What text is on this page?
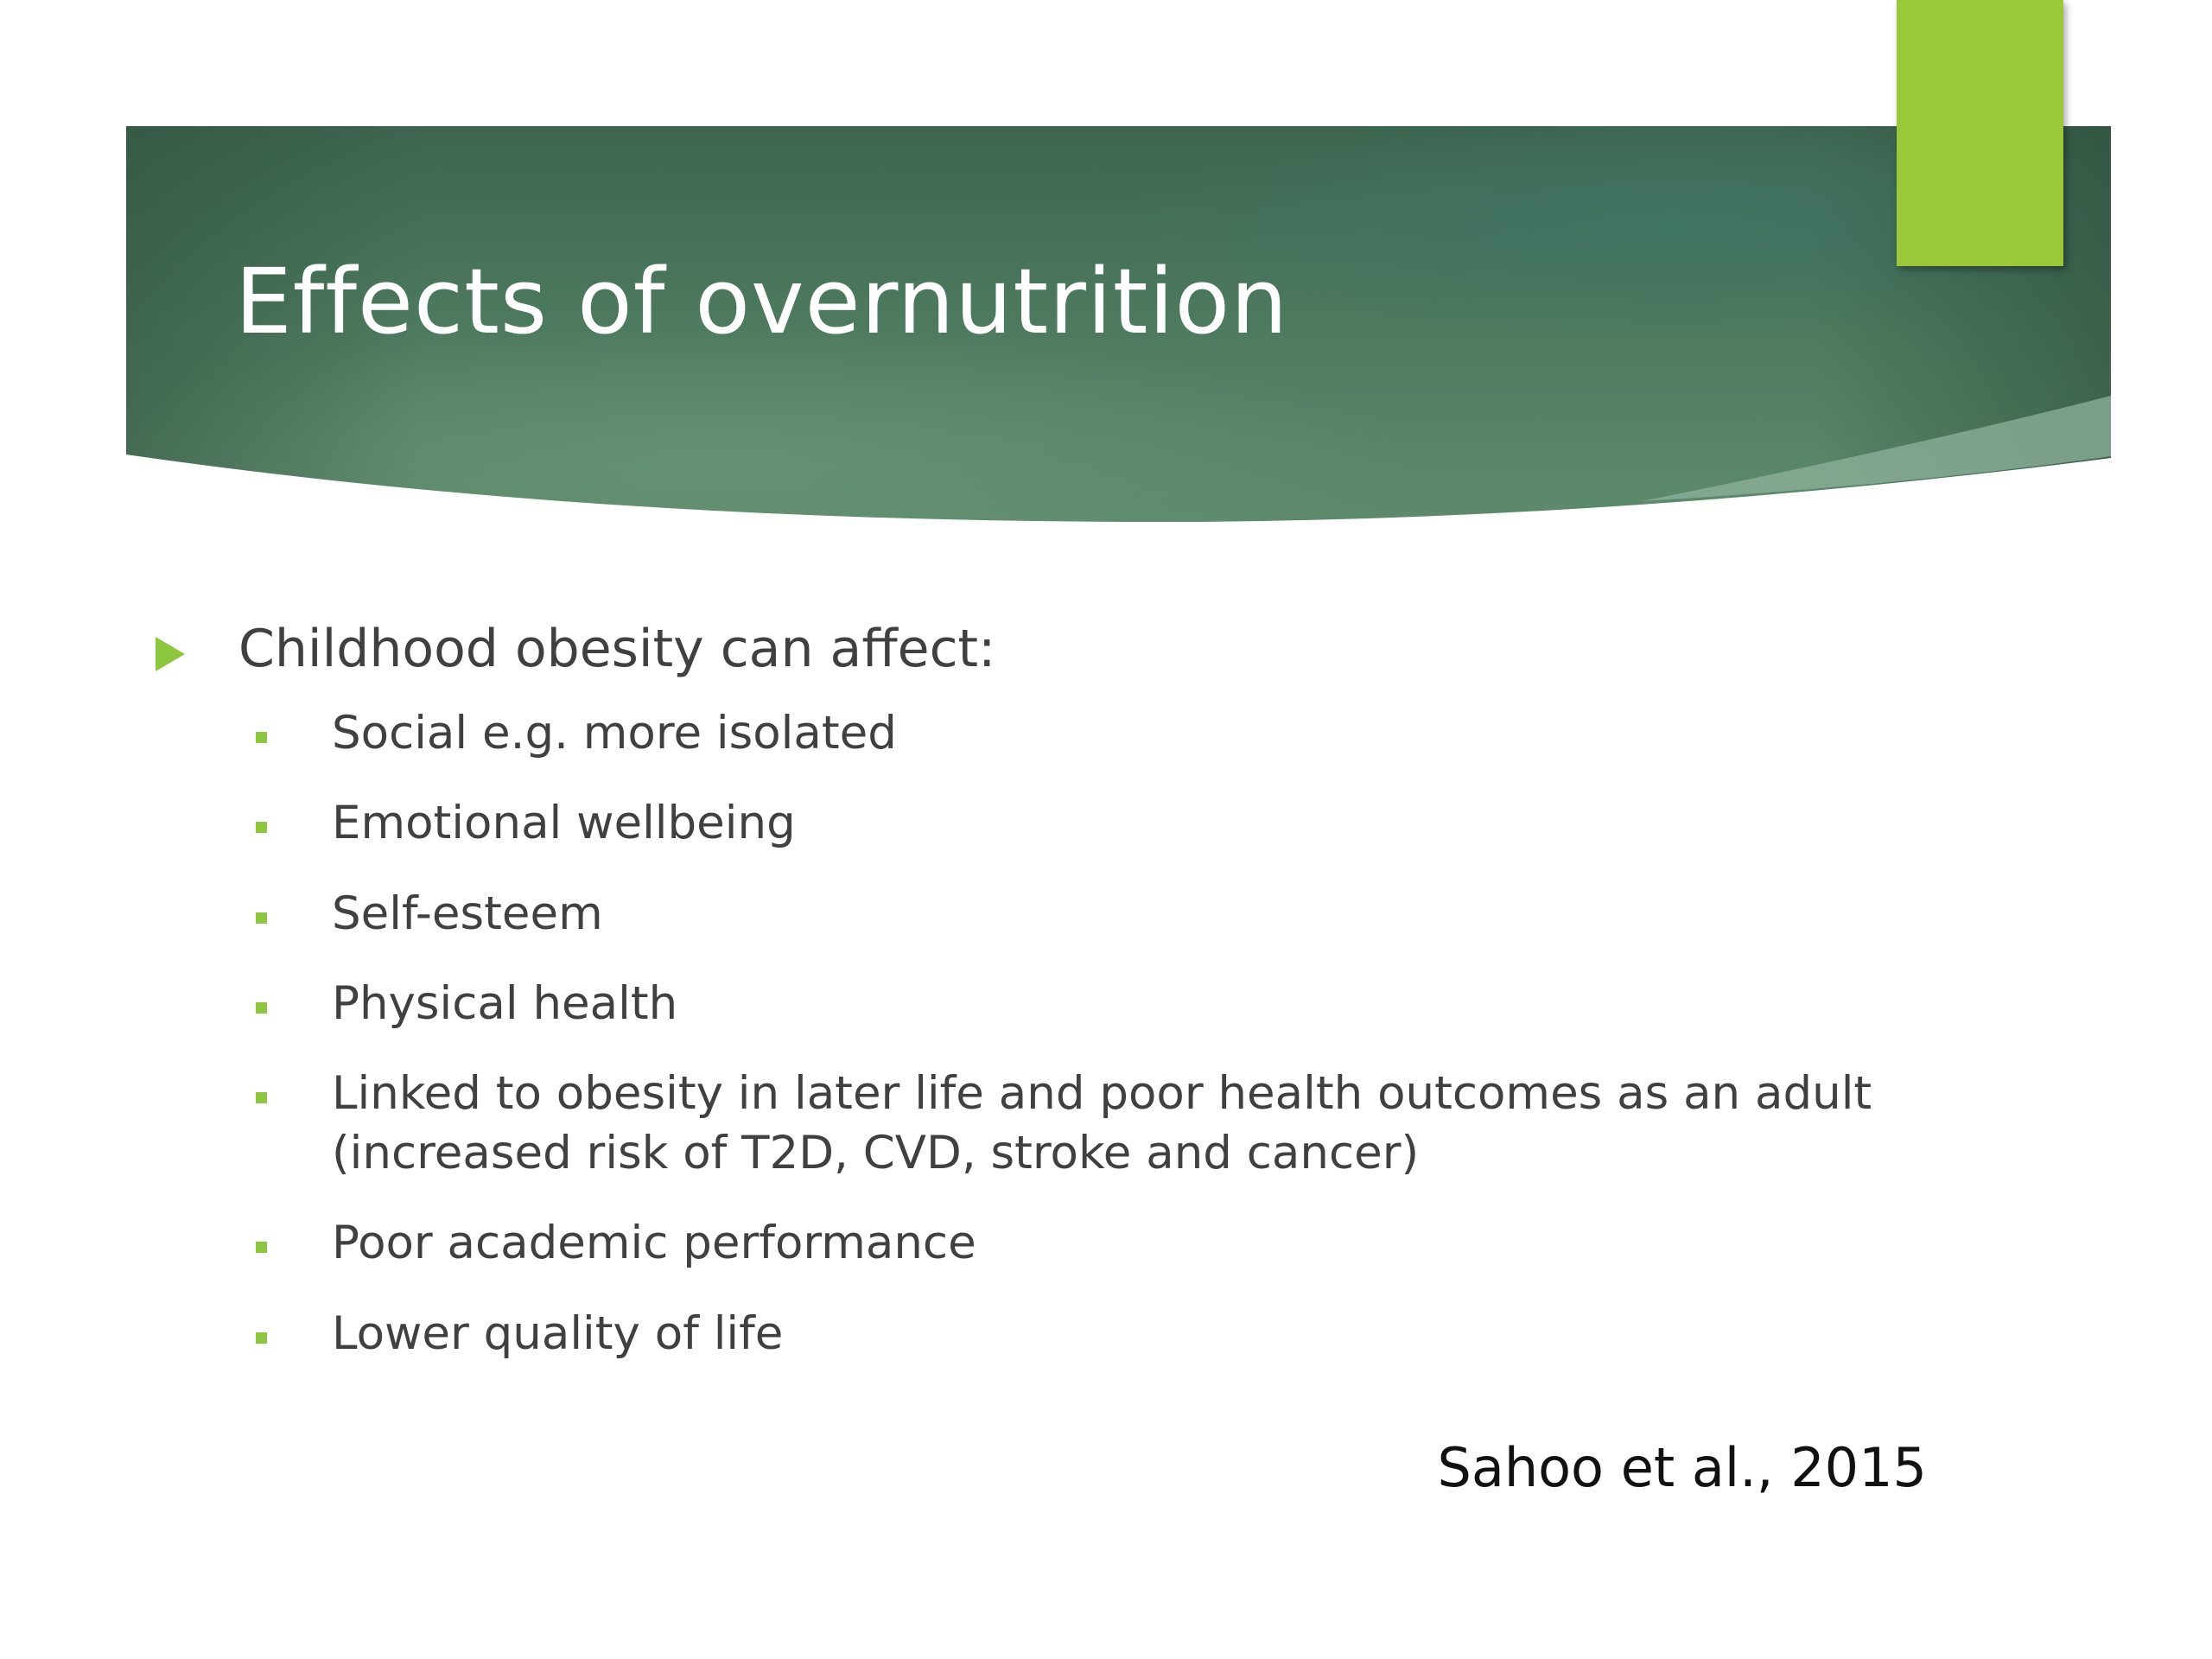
Effects of overnutrition
Childhood obesity can affect:
Social e.g. more isolated
Emotional wellbeing
Self-esteem
Physical health
Linked to obesity in later life and poor health outcomes as an adult (increased risk of T2D, CVD, stroke and cancer)
Poor academic performance
Lower quality of life
Sahoo et al., 2015
